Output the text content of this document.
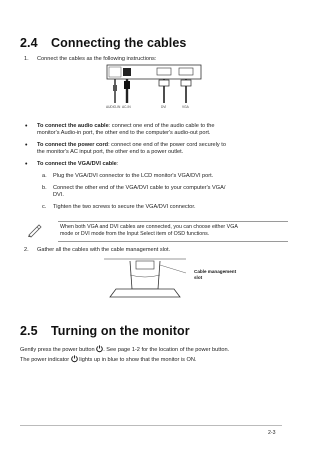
2.4 Connecting the cables
1. Connect the cables as the following instructions:
AUDIO-IN AC-IN	DVI	VGA
• To connect the audio cable: connect one end of the audio cable to the
monitor's Audio-in port, the other end to the computer's audio-out port.
• To connect the power cord: connect one end of the power cord securely to
the monitor's AC input port, the other end to a power outlet.
• To connect the VGA/DVI cable:
a. Plug the VGA/DVI connector to the LCD monitor's VGA/DVI port.
b. Connect the other end of the VGA/DVI cable to your computer's VGA/
DVI.
c. Tighten the two screws to secure the VGA/DVI connector.
When both VGA and DVI cables are connected, you can choose either VGA
mode or DVI mode from the Input Select item of OSD functions.
2. Gather all the cables with the cable management slot.
Cable management
slot
2.5 Turning on the monitor
Gently press the power button . See page 1-2 for the location of the power button.
The power indicator lights up in blue to show that the monitor is ON.
2-3
